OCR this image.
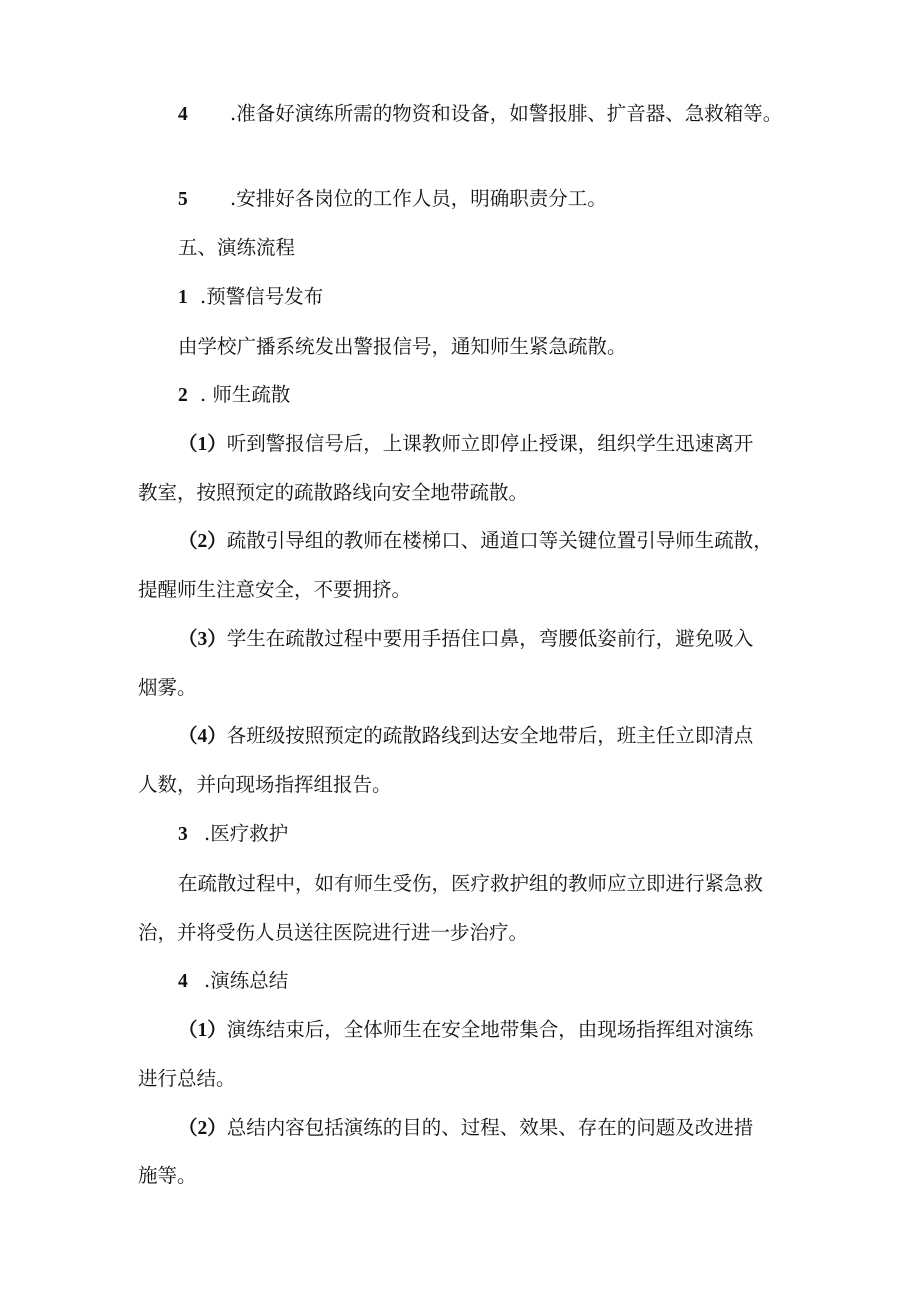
4 .准备好演练所需的物资和设备，如警报腓、扩音器、急救箱等。
5 .安排好各岗位的工作人员，明确职责分工。
五、演练流程
1 .预警信号发布
由学校广播系统发出警报信号，通知师生紧急疏散。
2 . 师生疏散
（1）听到警报信号后，上课教师立即停止授课，组织学生迅速离开
教室，按照预定的疏散路线向安全地带疏散。
（2）疏散引导组的教师在楼梯口、通道口等关键位置引导师生疏散，
提醒师生注意安全，不要拥挤。
（3）学生在疏散过程中要用手捂住口鼻，弯腰低姿前行，避免吸入
烟雾。
（4）各班级按照预定的疏散路线到达安全地带后，班主任立即清点
人数，并向现场指挥组报告。
3 .医疗救护
在疏散过程中，如有师生受伤，医疗救护组的教师应立即进行紧急救
治，并将受伤人员送往医院进行进一步治疗。
4 .演练总结
（1）演练结束后，全体师生在安全地带集合，由现场指挥组对演练
进行总结。
（2）总结内容包括演练的目的、过程、效果、存在的问题及改进措
施等。
